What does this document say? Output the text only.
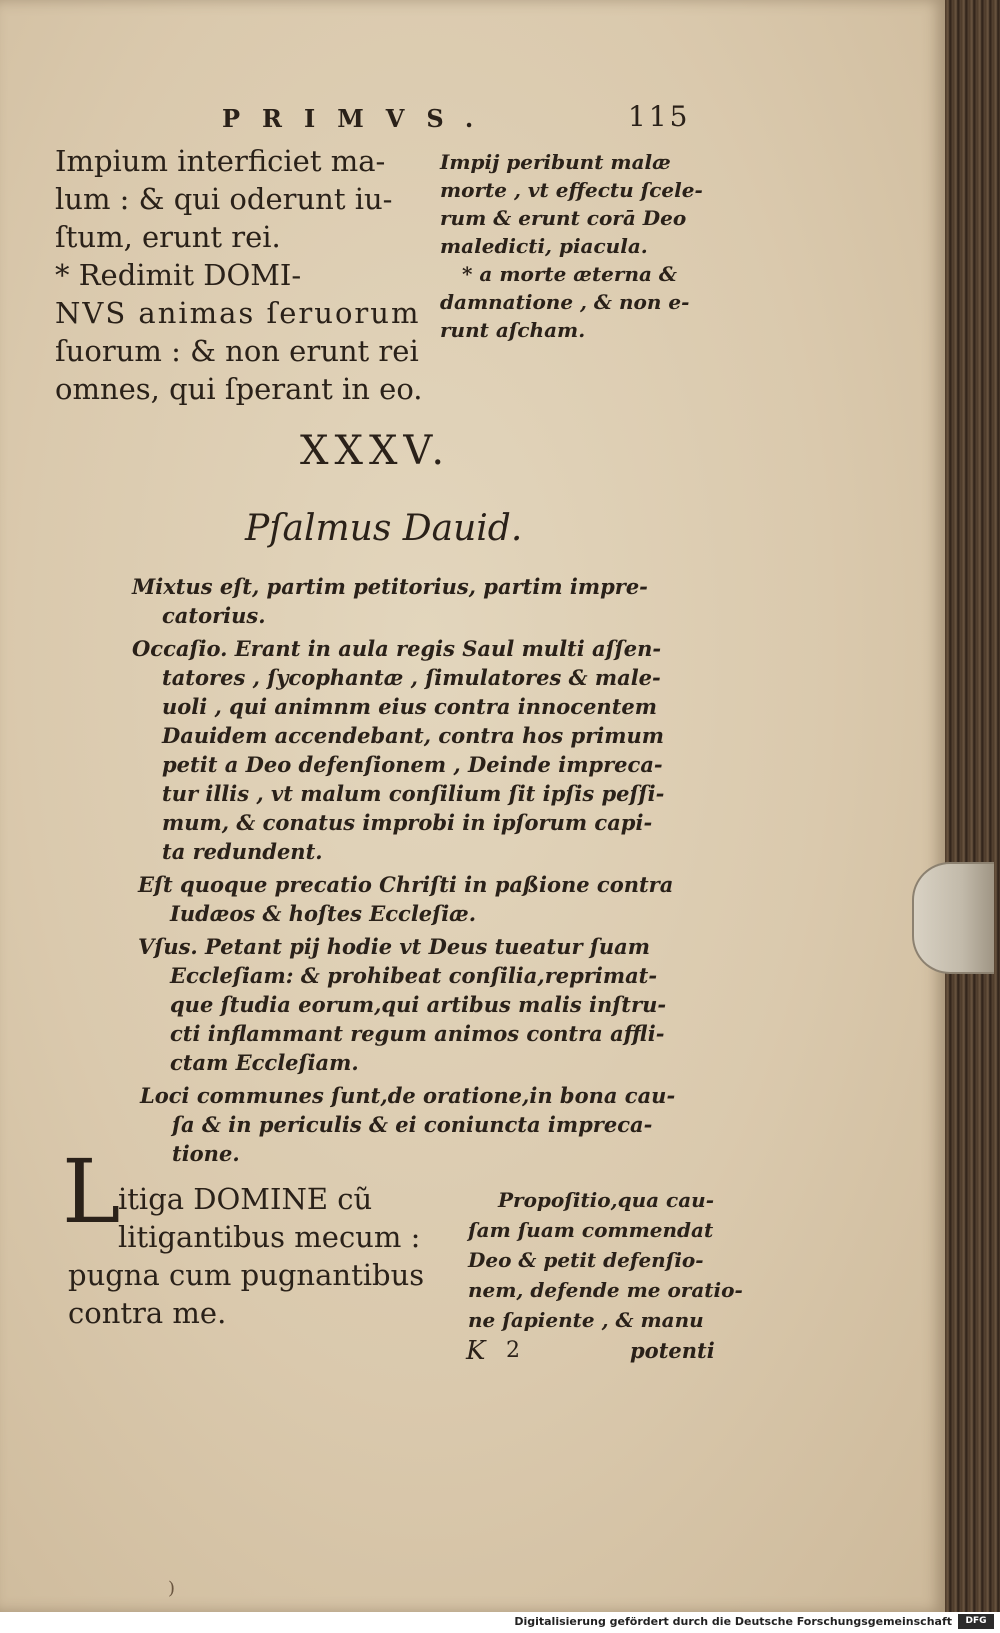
PRIMVS.	115
Impium interficiet ma-
lum : & qui oderunt iu-
ſtum, erunt rei.
* Redimit DOMI-
NVS animas ſeruorum
ſuorum : & non erunt rei
omnes, qui ſperant in eo.
Impij peribunt malæ
morte , vt effectu ſcele-
rum & erunt corā Deo
maledicti, piacula.
* a morte æterna &
damnatione , & non e-
runt aſcham.
XXXV.
Pſalmus Dauid.
Mixtus eſt, partim petitorius, partim impre-
catorius.
Occaſio. Erant in aula regis Saul multi aſſen-
tatores , ſycophantæ , ſimulatores & male-
uoli , qui animnm eius contra innocentem
Dauidem accendebant, contra hos primum
petit a Deo defenſionem , Deinde impreca-
tur illis , vt malum conſilium ſit ipſis peſſi-
mum, & conatus improbi in ipſorum capi-
ta redundent.
Eſt quoque precatio Chriſti in paßione contra
Iudæos & hoſtes Eccleſiæ.
Vſus. Petant pij hodie vt Deus tueatur ſuam
Eccleſiam: & prohibeat conſilia,reprimat-
que ſtudia eorum,qui artibus malis inſtru-
cti inflammant regum animos contra affli-
ctam Eccleſiam.
Loci communes ſunt,de oratione,in bona cau-
ſa & in periculis & ei coniuncta impreca-
tione.
L
itiga DOMINE cũ
litigantibus mecum :
pugna cum pugnantibus
contra me.
Propoſitio,qua cau-
ſam ſuam commendat
Deo & petit defenſio-
nem, defende me oratio-
ne ſapiente , & manu
K 2	potenti
)
Digitalisierung gefördert durch die Deutsche Forschungsgemeinschaft	DFG
